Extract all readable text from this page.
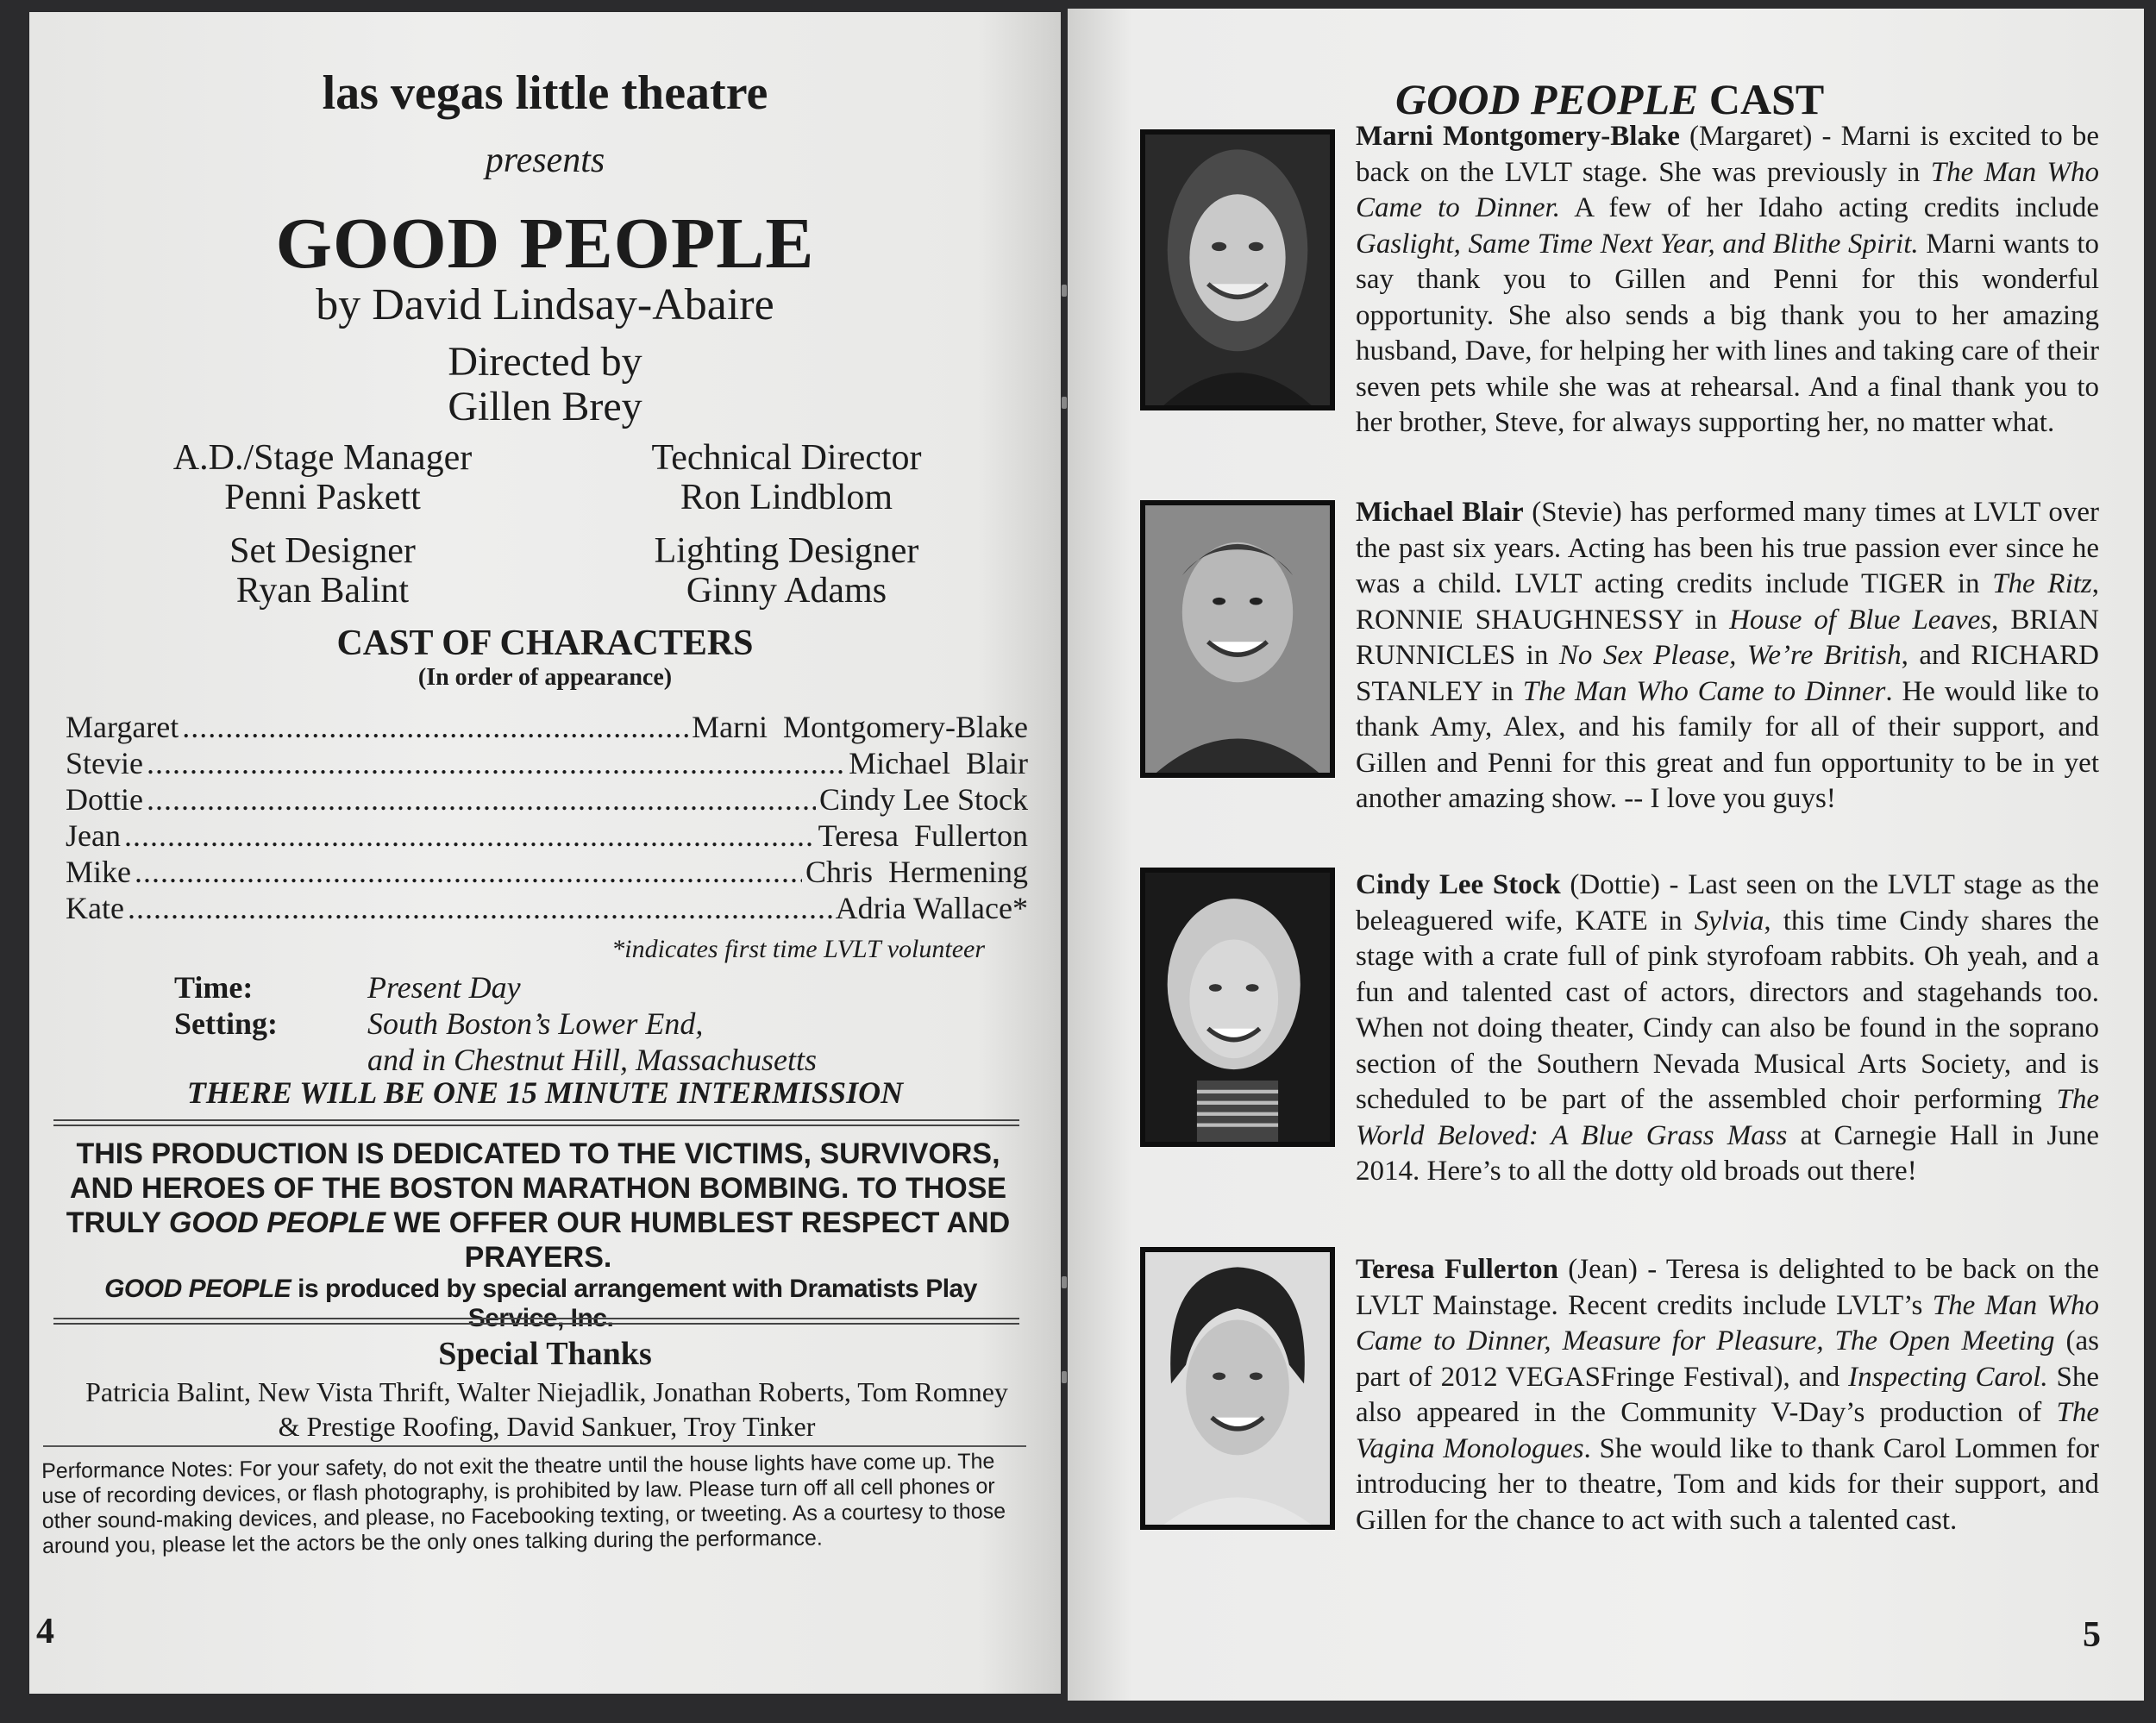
las vegas little theatre
presents
GOOD PEOPLE
by David Lindsay-Abaire
Directed by
Gillen Brey
A.D./Stage Manager
Penni Paskett
Technical Director
Ron Lindblom
Set Designer
Ryan Balint
Lighting Designer
Ginny Adams
CAST OF CHARACTERS
(In order of appearance)
Margaret .....	Marni  Montgomery-Blake
Stevie .....	Michael  Blair
Dottie .....	Cindy Lee Stock
Jean .....	Teresa  Fullerton
Mike .....	Chris  Hermening
Kate .....	Adria Wallace*
*indicates first time LVLT volunteer
Time:	Present Day
Setting:	South Boston’s Lower End,
and in Chestnut Hill, Massachusetts
THERE WILL BE ONE 15 MINUTE INTERMISSION
THIS PRODUCTION IS DEDICATED TO THE VICTIMS, SURVIVORS, AND HEROES OF THE BOSTON MARATHON BOMBING. TO THOSE TRULY GOOD PEOPLE WE OFFER OUR HUMBLEST RESPECT AND PRAYERS.
GOOD PEOPLE is produced by special arrangement with Dramatists Play Service, Inc.
Special Thanks
Patricia Balint, New Vista Thrift, Walter Niejadlik, Jonathan Roberts, Tom Romney & Prestige Roofing, David Sankuer, Troy Tinker
Performance Notes: For your safety, do not exit the theatre until the house lights have come up. The use of recording devices, or flash photography, is prohibited by law. Please turn off all cell phones or other sound-making devices, and please, no Facebooking texting, or tweeting. As a courtesy to those around you, please let the actors be the only ones talking during the performance.
4
GOOD PEOPLE CAST
Marni Montgomery-Blake (Margaret) - Marni is excited to be back on the LVLT stage. She was previously in The Man Who Came to Dinner. A few of her Idaho acting credits include Gaslight, Same Time Next Year, and Blithe Spirit. Marni wants to say thank you to Gillen and Penni for this wonderful opportunity. She also sends a big thank you to her amazing husband, Dave, for helping her with lines and taking care of their seven pets while she was at rehearsal. And a final thank you to her brother, Steve, for always supporting her, no matter what.
Michael Blair (Stevie) has performed many times at LVLT over the past six years. Acting has been his true passion ever since he was a child. LVLT acting credits include TIGER in The Ritz, RONNIE SHAUGHNESSY in House of Blue Leaves, BRIAN RUNNICLES in No Sex Please, We’re British, and RICHARD STANLEY in The Man Who Came to Dinner. He would like to thank Amy, Alex, and his family for all of their support, and Gillen and Penni for this great and fun opportunity to be in yet another amazing show. -- I love you guys!
Cindy Lee Stock (Dottie) - Last seen on the LVLT stage as the beleaguered wife, KATE in Sylvia, this time Cindy shares the stage with a crate full of pink styrofoam rabbits. Oh yeah, and a fun and talented cast of actors, directors and stagehands too. When not doing theater, Cindy can also be found in the soprano section of the Southern Nevada Musical Arts Society, and is scheduled to be part of the assembled choir performing The World Beloved: A Blue Grass Mass at Carnegie Hall in June 2014. Here’s to all the dotty old broads out there!
Teresa Fullerton (Jean) - Teresa is delighted to be back on the LVLT Mainstage. Recent credits include LVLT’s The Man Who Came to Dinner, Measure for Pleasure, The Open Meeting (as part of 2012 VEGASFringe Festival), and Inspecting Carol. She also appeared in the Community V-Day’s production of The Vagina Monologues. She would like to thank Carol Lommen for introducing her to theatre, Tom and kids for their support, and Gillen for the chance to act with such a talented cast.
5
